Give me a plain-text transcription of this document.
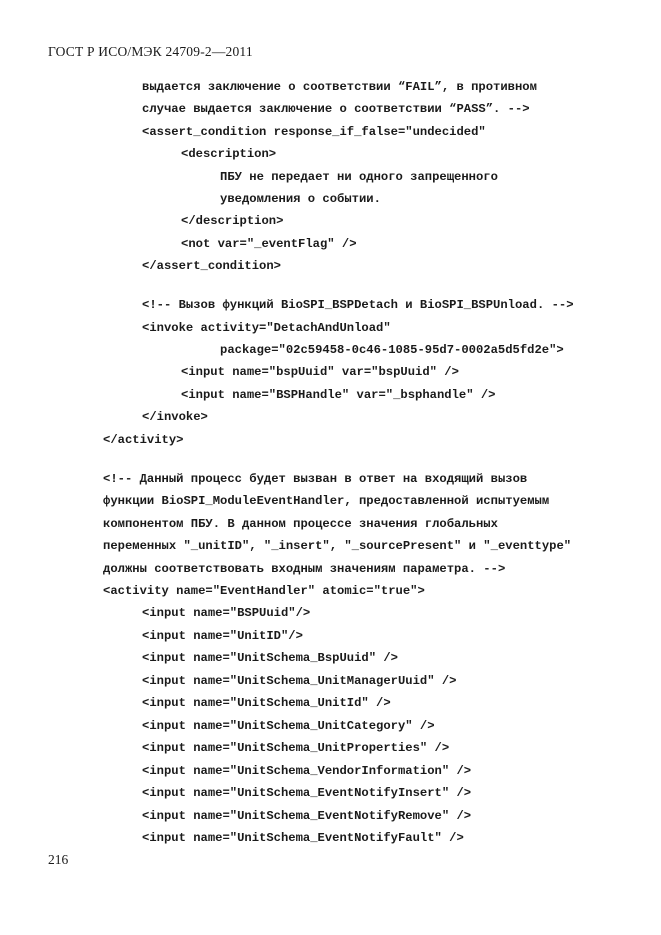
ГОСТ Р ИСО/МЭК 24709-2—2011

выдается заключение о соответствии “FAIL”, в противном

случае выдается заключение о соответствии “PASS”. -->

<assert_condition response_if_false="undecided"

<description>

ПБУ не передает ни одного запрещенного

уведомления о событии.

</description>

<not var="_eventFlag" />

</assert_condition>

<!-- Вызов функций BioSPI_BSPDetach и BioSPI_BSPUnload. -->

<invoke activity="DetachAndUnload"

package="02c59458-0c46-1085-95d7-0002a5d5fd2e">

<input name="bspUuid" var="bspUuid" />

<input name="BSPHandle" var="_bsphandle" />

</invoke>

</activity>

<!-- Данный процесс будет вызван в ответ на входящий вызов

функции BioSPI_ModuleEventHandler, предоставленной испытуемым

компонентом ПБУ. В данном процессе значения глобальных

переменных "_unitID", "_insert", "_sourcePresent" и "_eventtype"

должны соответствовать входным значениям параметра. -->

<activity name="EventHandler" atomic="true">

<input name="BSPUuid"/>

<input name="UnitID"/>

<input name="UnitSchema_BspUuid" />

<input name="UnitSchema_UnitManagerUuid" />

<input name="UnitSchema_UnitId" />

<input name="UnitSchema_UnitCategory" />

<input name="UnitSchema_UnitProperties" />

<input name="UnitSchema_VendorInformation" />

<input name="UnitSchema_EventNotifyInsert" />

<input name="UnitSchema_EventNotifyRemove" />

<input name="UnitSchema_EventNotifyFault" />

216
